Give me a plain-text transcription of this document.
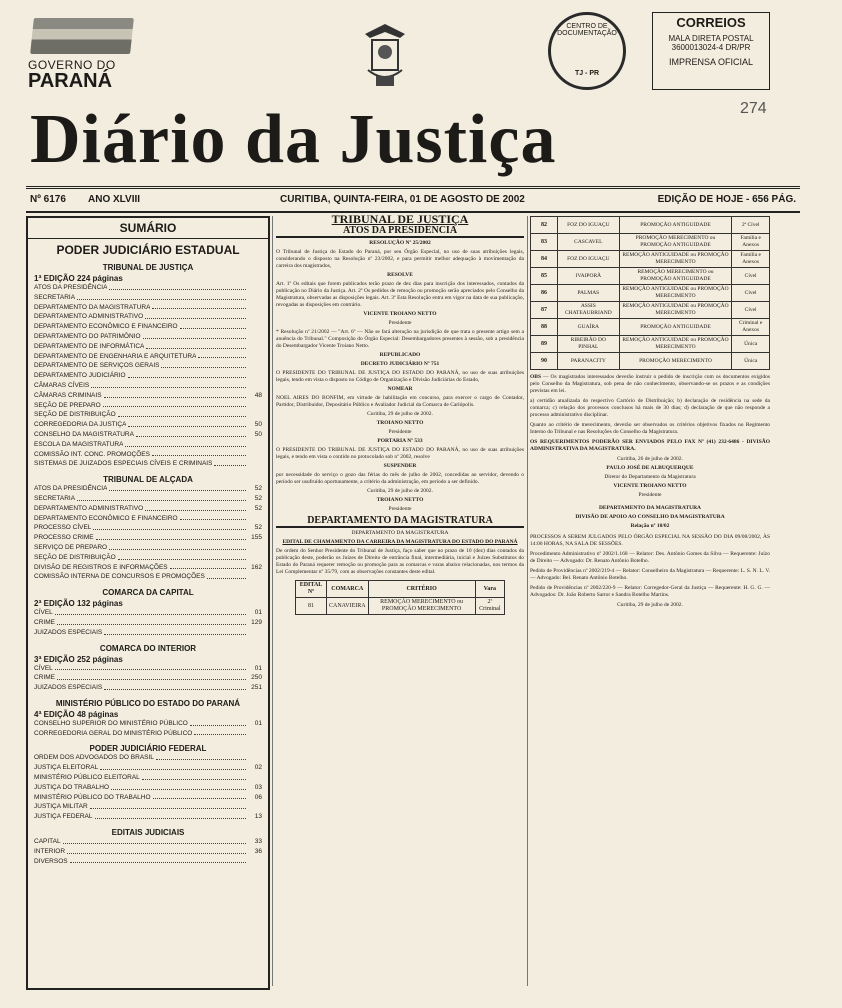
GOVERNO DO
PARANÁ
CENTRO DE DOCUMENTAÇÃO
TJ - PR
CORREIOS
MALA DIRETA POSTAL 3600013024-4 DR/PR
IMPRENSA OFICIAL
274
Diário da Justiça
Nº 6176 ANO XLVIII	CURITIBA, QUINTA-FEIRA, 01 DE AGOSTO DE 2002	EDIÇÃO DE HOJE - 656 PÁG.
SUMÁRIO
PODER JUDICIÁRIO ESTADUAL
TRIBUNAL DE JUSTIÇA
1ª EDIÇÃO 224 páginas
ATOS DA PRESIDÊNCIA
SECRETARIA
DEPARTAMENTO DA MAGISTRATURA
DEPARTAMENTO ADMINISTRATIVO
DEPARTAMENTO ECONÔMICO E FINANCEIRO
DEPARTAMENTO DO PATRIMÔNIO
DEPARTAMENTO DE INFORMÁTICA
DEPARTAMENTO DE ENGENHARIA E ARQUITETURA
DEPARTAMENTO DE SERVIÇOS GERAIS
DEPARTAMENTO JUDICIÁRIO
CÂMARAS CÍVEIS
CÂMARAS CRIMINAIS	48
SEÇÃO DE PREPARO
SEÇÃO DE DISTRIBUIÇÃO
CORREGEDORIA DA JUSTIÇA	50
CONSELHO DA MAGISTRATURA	50
ESCOLA DA MAGISTRATURA
COMISSÃO INT. CONC. PROMOÇÕES
SISTEMAS DE JUIZADOS ESPECIAIS CÍVEIS E CRIMINAIS
TRIBUNAL DE ALÇADA
ATOS DA PRESIDÊNCIA	52
SECRETARIA	52
DEPARTAMENTO ADMINISTRATIVO	52
DEPARTAMENTO ECONÔMICO E FINANCEIRO
PROCESSO CÍVEL	52
PROCESSO CRIME	155
SERVIÇO DE PREPARO
SEÇÃO DE DISTRIBUIÇÃO
DIVISÃO DE REGISTROS E INFORMAÇÕES	162
COMISSÃO INTERNA DE CONCURSOS E PROMOÇÕES
COMARCA DA CAPITAL
2ª EDIÇÃO 132 páginas
CÍVEL	01
CRIME	129
JUIZADOS ESPECIAIS
COMARCA DO INTERIOR
3ª EDIÇÃO 252 páginas
CÍVEL	01
CRIME	250
JUIZADOS ESPECIAIS	251
MINISTÉRIO PÚBLICO DO ESTADO DO PARANÁ
4ª EDIÇÃO 48 páginas
CONSELHO SUPERIOR DO MINISTÉRIO PÚBLICO	01
CORREGEDORIA GERAL DO MINISTÉRIO PÚBLICO
PODER JUDICIÁRIO FEDERAL
ORDEM DOS ADVOGADOS DO BRASIL
JUSTIÇA ELEITORAL	02
MINISTÉRIO PÚBLICO ELEITORAL
JUSTIÇA DO TRABALHO	03
MINISTÉRIO PÚBLICO DO TRABALHO	06
JUSTIÇA MILITAR
JUSTIÇA FEDERAL	13
EDITAIS JUDICIAIS
CAPITAL	33
INTERIOR	36
DIVERSOS
TRIBUNAL DE JUSTIÇA
ATOS DA PRESIDÊNCIA
RESOLUÇÃO Nº 25/2002

O Tribunal de Justiça do Estado do Paraná, por seu Órgão Especial, no uso de suas atribuições legais, considerando o disposto na Resolução nº 23/2002, e para permitir melhor adequação à movimentação da carreira dos magistrados,

RESOLVE

Art. 1º Os editais que forem publicados terão prazo de dez dias para inscrição dos interessados, contados da publicação no Diário da Justiça. Art. 2º Os pedidos de remoção ou promoção serão apreciados pelo Conselho da Magistratura, observadas as disposições legais. Art. 3º Esta Resolução entra em vigor na data de sua publicação, revogadas as disposições em contrário.

VICENTE TROIANO NETTO
Presidente

* Resolução nº 21/2002 — "Art. 6º — Não se fará alteração na jurisdição de que trata o presente artigo sem a anuência do Tribunal." Composição do Órgão Especial: Desembargadores presentes à sessão, sob a presidência do Desembargador Vicente Troiano Netto.

REPUBLICADO
DECRETO JUDICIÁRIO Nº 751

O PRESIDENTE DO TRIBUNAL DE JUSTIÇA DO ESTADO DO PARANÁ, no uso de suas atribuições legais, tendo em vista o disposto no Código de Organização e Divisão Judiciárias do Estado,

NOMEAR

NOEL AIRES DO BONFIM, em virtude de habilitação em concurso, para exercer o cargo de Contador, Partidor, Distribuidor, Depositário Público e Avaliador Judicial da Comarca de Carlópolis.

Curitiba, 29 de julho de 2002.
TROIANO NETTO
Presidente
PORTARIA Nº 533

O PRESIDENTE DO TRIBUNAL DE JUSTIÇA DO ESTADO DO PARANÁ, no uso de suas atribuições legais, e tendo em vista o contido no protocolado sob nº 2002, resolve

SUSPENDER

por necessidade do serviço o gozo das férias do mês de julho de 2002, concedidas ao servidor, devendo o período ser usufruído oportunamente, a critério da administração, em período a ser definido.

Curitiba, 29 de julho de 2002.
TROIANO NETTO
Presidente
DEPARTAMENTO DA MAGISTRATURA
DEPARTAMENTO DA MAGISTRATURA
EDITAL DE CHAMAMENTO DA CARREIRA DA MAGISTRATURA DO ESTADO DO PARANÁ

De ordem do Senhor Presidente do Tribunal de Justiça, faço saber que no prazo de 10 (dez) dias contados da publicação deste, poderão os Juízes de Direito de entrância final, intermediária, inicial e Juízes Substitutos do Estado do Paraná requerer remoção ou promoção para as comarcas e varas abaixo relacionadas, nos termos da Lei Complementar nº 35/79, com as observações constantes deste edital.

EDITAL Nº	COMARCA	CRITÉRIO	Vara
81	CANAVIEIRA	REMOÇÃO MERECIMENTO ou PROMOÇÃO MERECIMENTO	2ª Criminal
82	FOZ DO IGUAÇU	PROMOÇÃO ANTIGUIDADE	2ª Cível
83	CASCAVEL	PROMOÇÃO MERECIMENTO ou PROMOÇÃO ANTIGUIDADE	Família e Anexos
84	FOZ DO IGUAÇU	REMOÇÃO ANTIGUIDADE ou PROMOÇÃO MERECIMENTO	Família e Anexos
85	IVAIPORÃ	REMOÇÃO MERECIMENTO ou PROMOÇÃO ANTIGUIDADE	Cível
86	PALMAS	REMOÇÃO ANTIGUIDADE ou PROMOÇÃO MERECIMENTO	Cível
87	ASSIS CHATEAUBRIAND	REMOÇÃO ANTIGUIDADE ou PROMOÇÃO MERECIMENTO	Cível
88	GUAÍRA	PROMOÇÃO ANTIGUIDADE	Criminal e Anexos
89	RIBEIRÃO DO PINHAL	REMOÇÃO ANTIGUIDADE ou PROMOÇÃO MERECIMENTO	Única
90	PARANACITY	PROMOÇÃO MERECIMENTO	Única

OBS — Os magistrados interessados deverão instruir o pedido de inscrição com os documentos exigidos pelo Conselho da Magistratura, sob pena de não conhecimento, observando-se os prazos e as condições previstas em lei.

a) certidão atualizada do respectivo Cartório de Distribuição; b) declaração de residência na sede da comarca; c) relação dos processos conclusos há mais de 30 dias; d) declaração de que não responde a processo administrativo disciplinar.

Quanto ao critério de merecimento, deverão ser observados os critérios objetivos fixados no Regimento Interno do Tribunal e nas Resoluções do Conselho da Magistratura.

OS REQUERIMENTOS PODERÃO SER ENVIADOS PELO FAX Nº (41) 232-6486 - DIVISÃO ADMINISTRATIVA DA MAGISTRATURA.

Curitiba, 26 de julho de 2002.
PAULO JOSÉ DE ALBUQUERQUE
Diretor do Departamento da Magistratura
VICENTE TROIANO NETTO
Presidente
DEPARTAMENTO DA MAGISTRATURA
DIVISÃO DE APOIO AO CONSELHO DA MAGISTRATURA
Relação nº 10/02

PROCESSOS A SEREM JULGADOS PELO ÓRGÃO ESPECIAL NA SESSÃO DO DIA 09/08/2002, ÀS 14:00 HORAS, NA SALA DE SESSÕES.

Procedimento Administrativo nº 2002/1.168 — Relator: Des. Antônio Gomes da Silva — Requerente: Juízo de Direito — Advogado: Dr. Renato Antônio Botelho.

Pedido de Providências nº 2002/219-4 — Relator: Conselheiro da Magistratura — Requerente: L. S. N. L. V. — Advogado: Bel. Renato Antônio Botelho.

Pedido de Providências nº 2002/220-9 — Relator: Corregedor-Geral da Justiça — Requerente: H. G. G. — Advogados: Dr. João Roberto Sartor e Sandra Botelho Martins.

Curitiba, 29 de julho de 2002.
